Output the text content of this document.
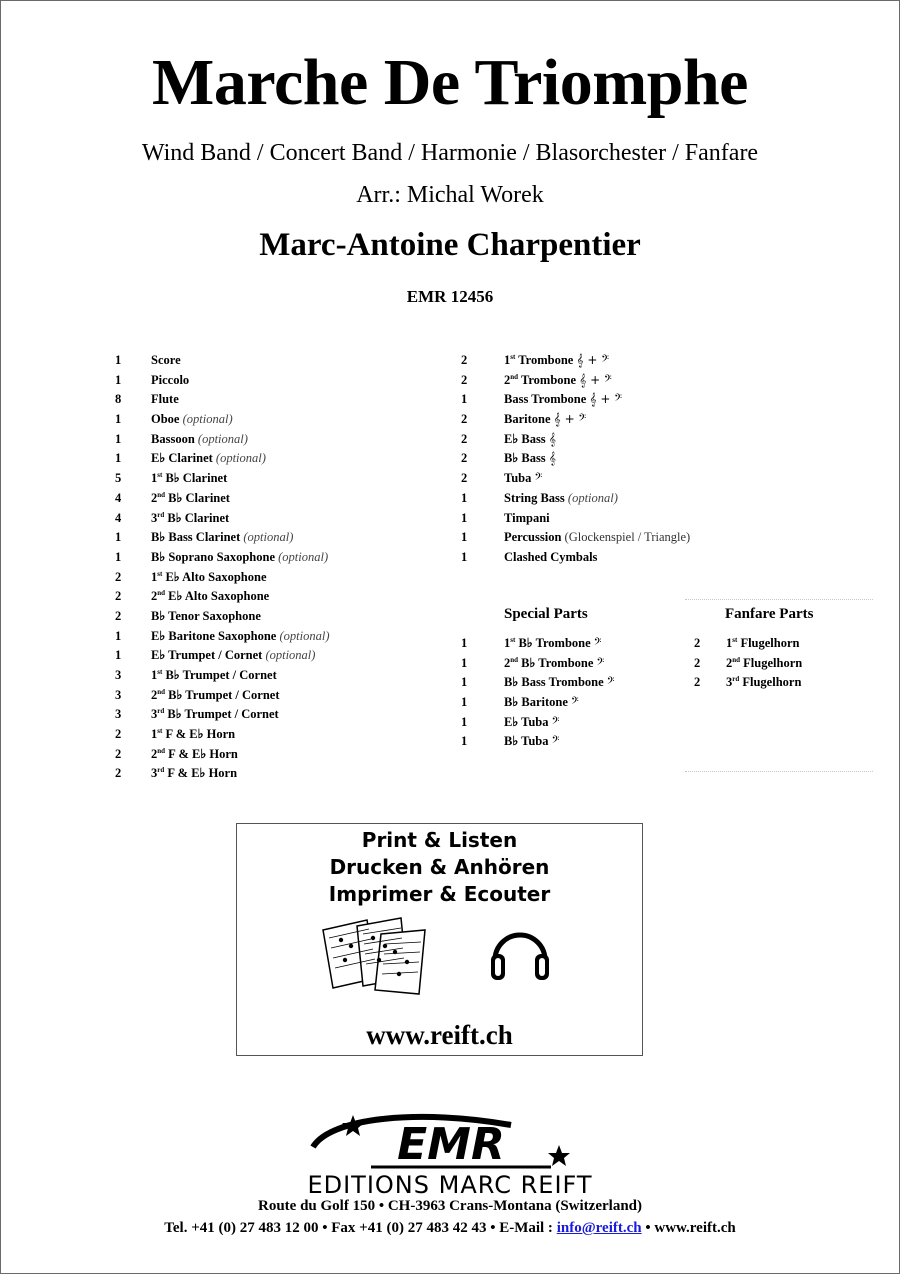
Marche De Triomphe
Wind Band / Concert Band / Harmonie / Blasorchester / Fanfare
Arr.: Michal Worek
Marc-Antoine Charpentier
EMR 12456
1 Score
1 Piccolo
8 Flute
1 Oboe (optional)
1 Bassoon (optional)
1 E♭ Clarinet (optional)
5 1st B♭ Clarinet
4 2nd B♭ Clarinet
4 3rd B♭ Clarinet
1 B♭ Bass Clarinet (optional)
1 B♭ Soprano Saxophone (optional)
2 1st E♭ Alto Saxophone
2 2nd E♭ Alto Saxophone
2 B♭ Tenor Saxophone
1 E♭ Baritone Saxophone (optional)
1 E♭ Trumpet / Cornet (optional)
3 1st B♭ Trumpet / Cornet
3 2nd B♭ Trumpet / Cornet
3 3rd B♭ Trumpet / Cornet
2 1st F & E♭ Horn
2 2nd F & E♭ Horn
2 3rd F & E♭ Horn
2	1st Trombone 𝄞 + 𝄢
2	2nd Trombone 𝄞 + 𝄢
1	Bass Trombone 𝄞 + 𝄢
2	Baritone 𝄞 + 𝄢
2	E♭ Bass 𝄞
2	B♭ Bass 𝄞
2	Tuba 𝄢
1	String Bass (optional)
1	Timpani
1	Percussion (Glockenspiel / Triangle)
1	Clashed Cymbals
Special Parts	Fanfare Parts
1	1st B♭ Trombone 𝄢
1	2nd B♭ Trombone 𝄢
1	B♭ Bass Trombone 𝄢
1	B♭ Baritone 𝄢
1	E♭ Tuba 𝄢
1	B♭ Tuba 𝄢
2 1st Flugelhorn
2 2nd Flugelhorn
2 3rd Flugelhorn
Print & Listen
Drucken & Anhören
Imprimer & Ecouter
www.reift.ch
EMR
EDITIONS MARC REIFT
Route du Golf 150 • CH-3963 Crans-Montana (Switzerland)
Tel. +41 (0) 27 483 12 00 • Fax +41 (0) 27 483 42 43 • E-Mail : info@reift.ch • www.reift.ch
